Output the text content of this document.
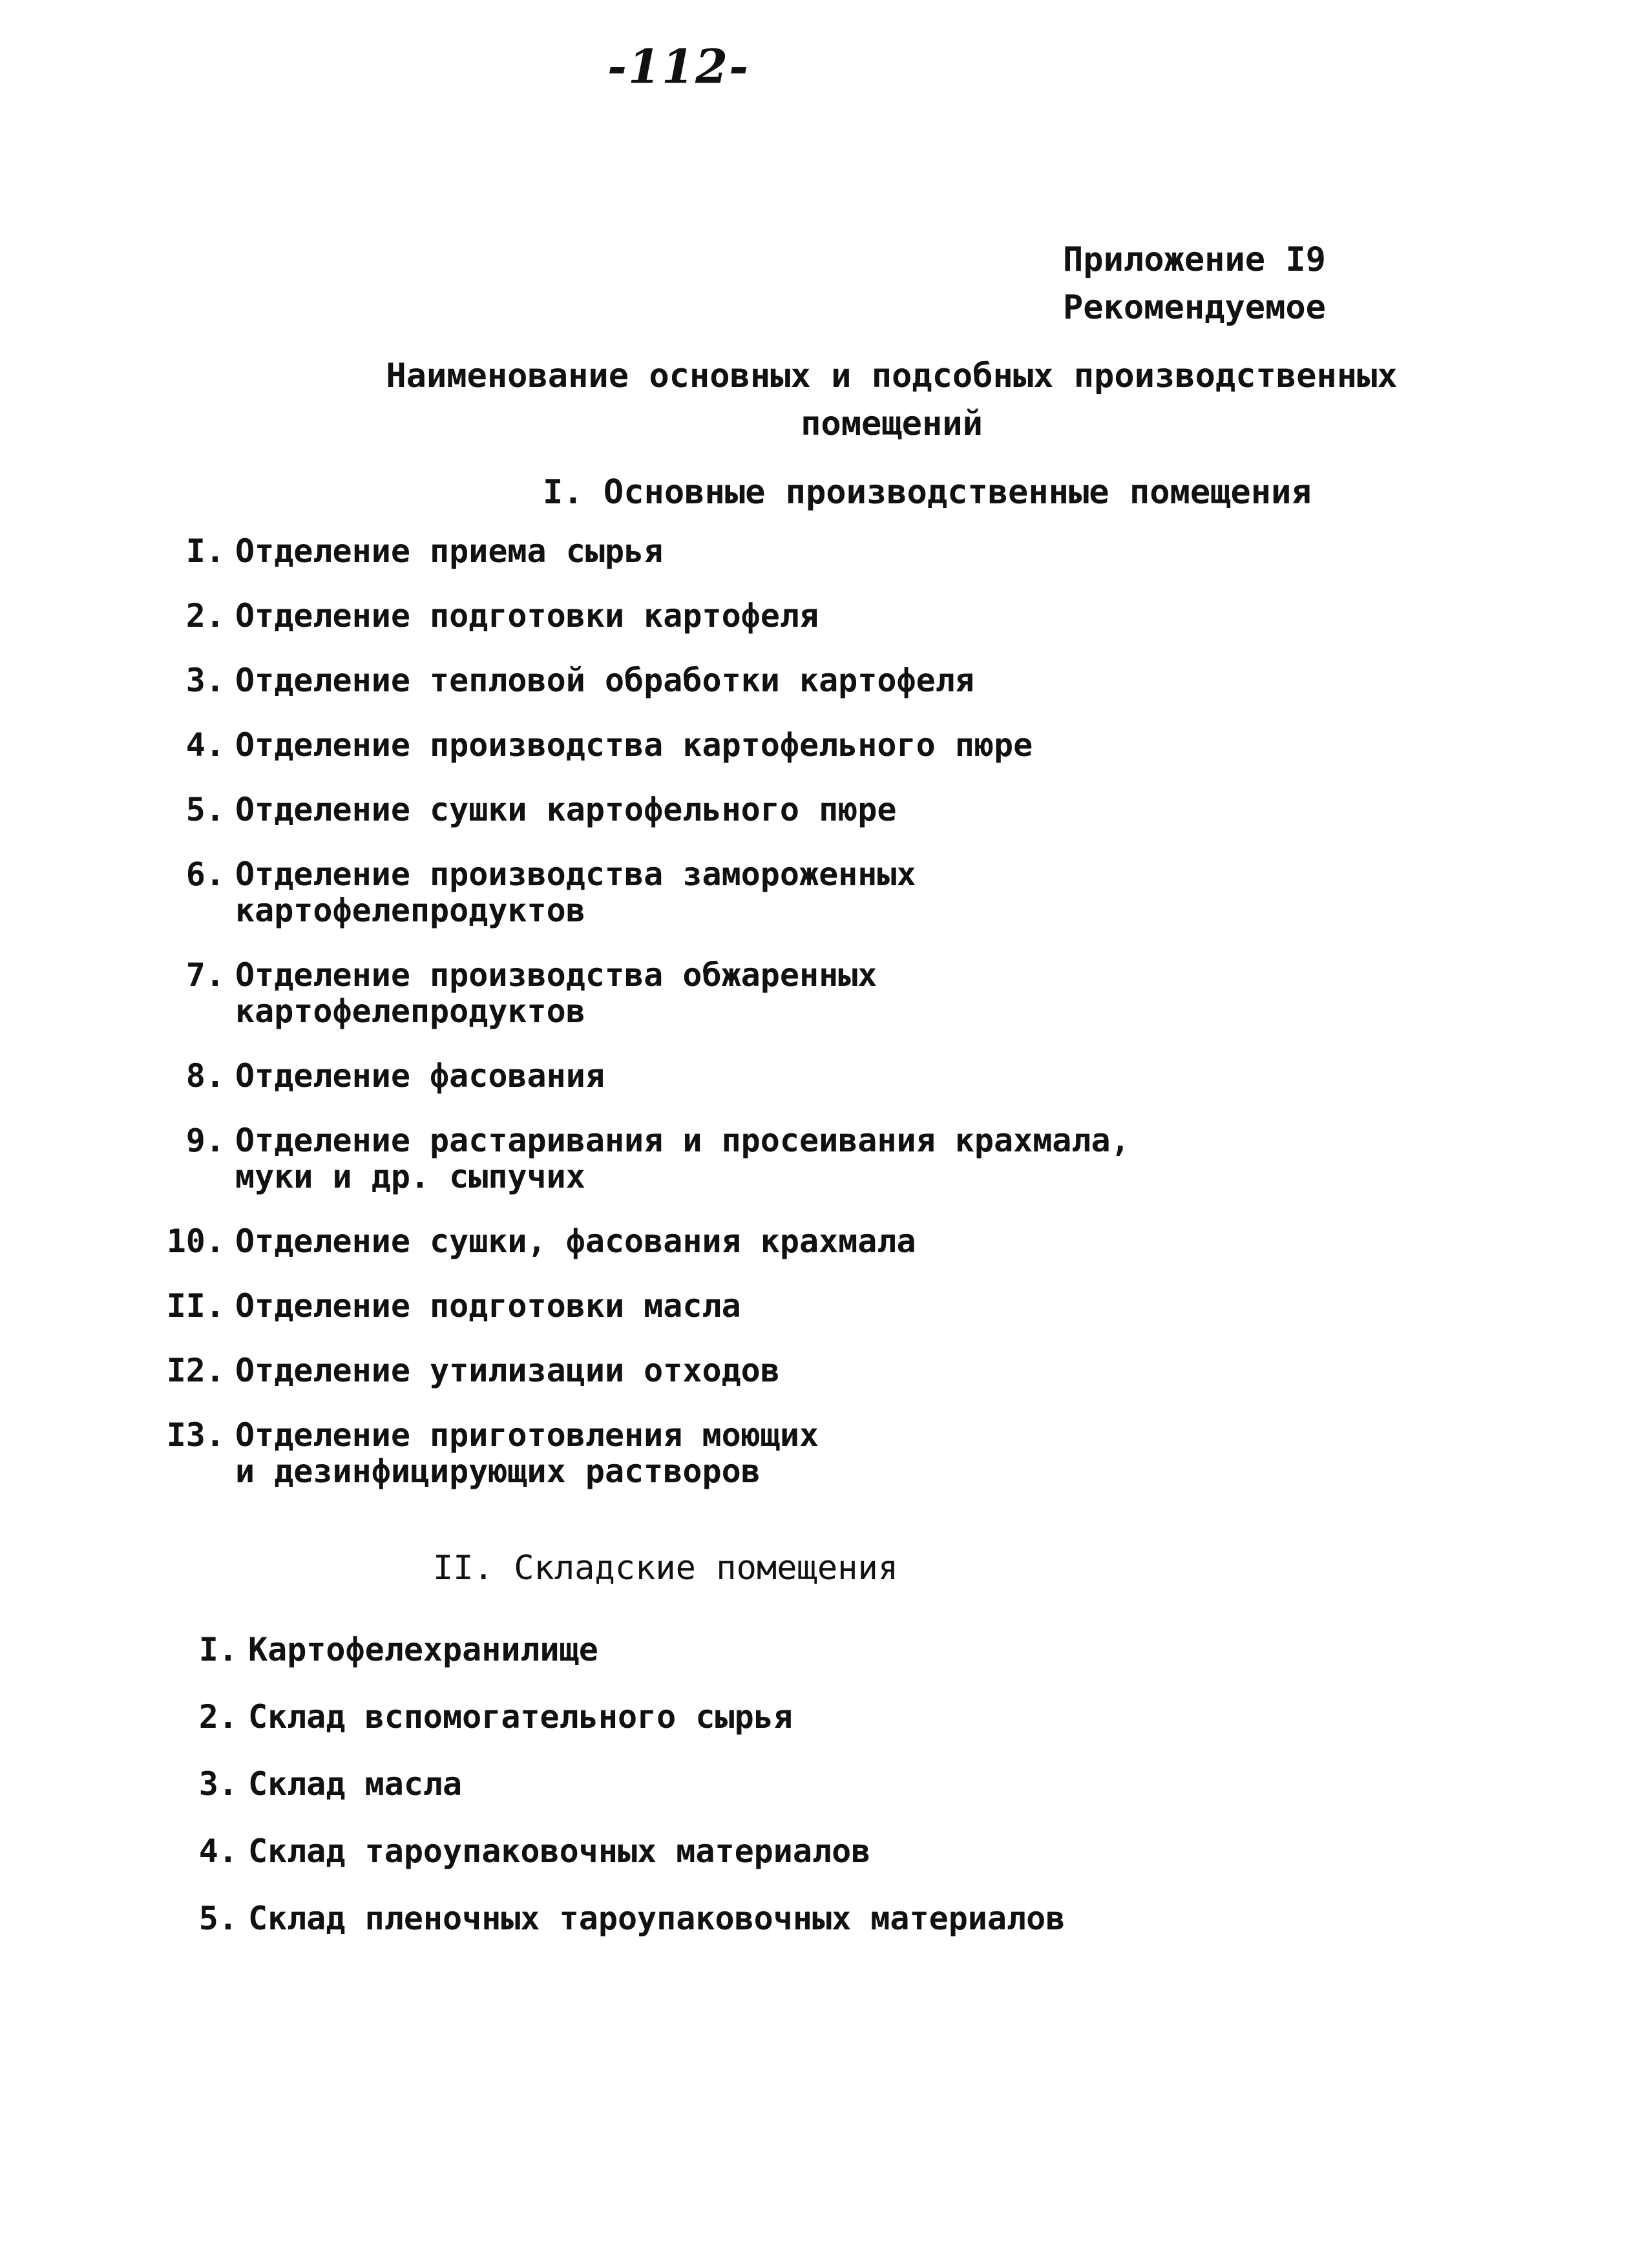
-112-
Приложение I9
Рекомендуемое
Наименование основных и подсобных производственных
помещений
I. Основные производственные помещения
I. Отделение приема сырья
2. Отделение подготовки картофеля
3. Отделение тепловой обработки картофеля
4. Отделение производства картофельного пюре
5. Отделение сушки картофельного пюре
6. Отделение производства замороженных
картофелепродуктов
7. Отделение производства обжаренных
картофелепродуктов
8. Отделение фасования
9. Отделение растаривания и просеивания крахмала,
муки и др. сыпучих
10. Отделение сушки, фасования крахмала
II. Отделение подготовки масла
I2. Отделение утилизации отходов
I3. Отделение приготовления моющих
и дезинфицирующих растворов
II. Складские помещения
I. Картофелехранилище
2. Склад вспомогательного сырья
3. Склад масла
4. Склад тароупаковочных материалов
5. Склад пленочных тароупаковочных материалов
